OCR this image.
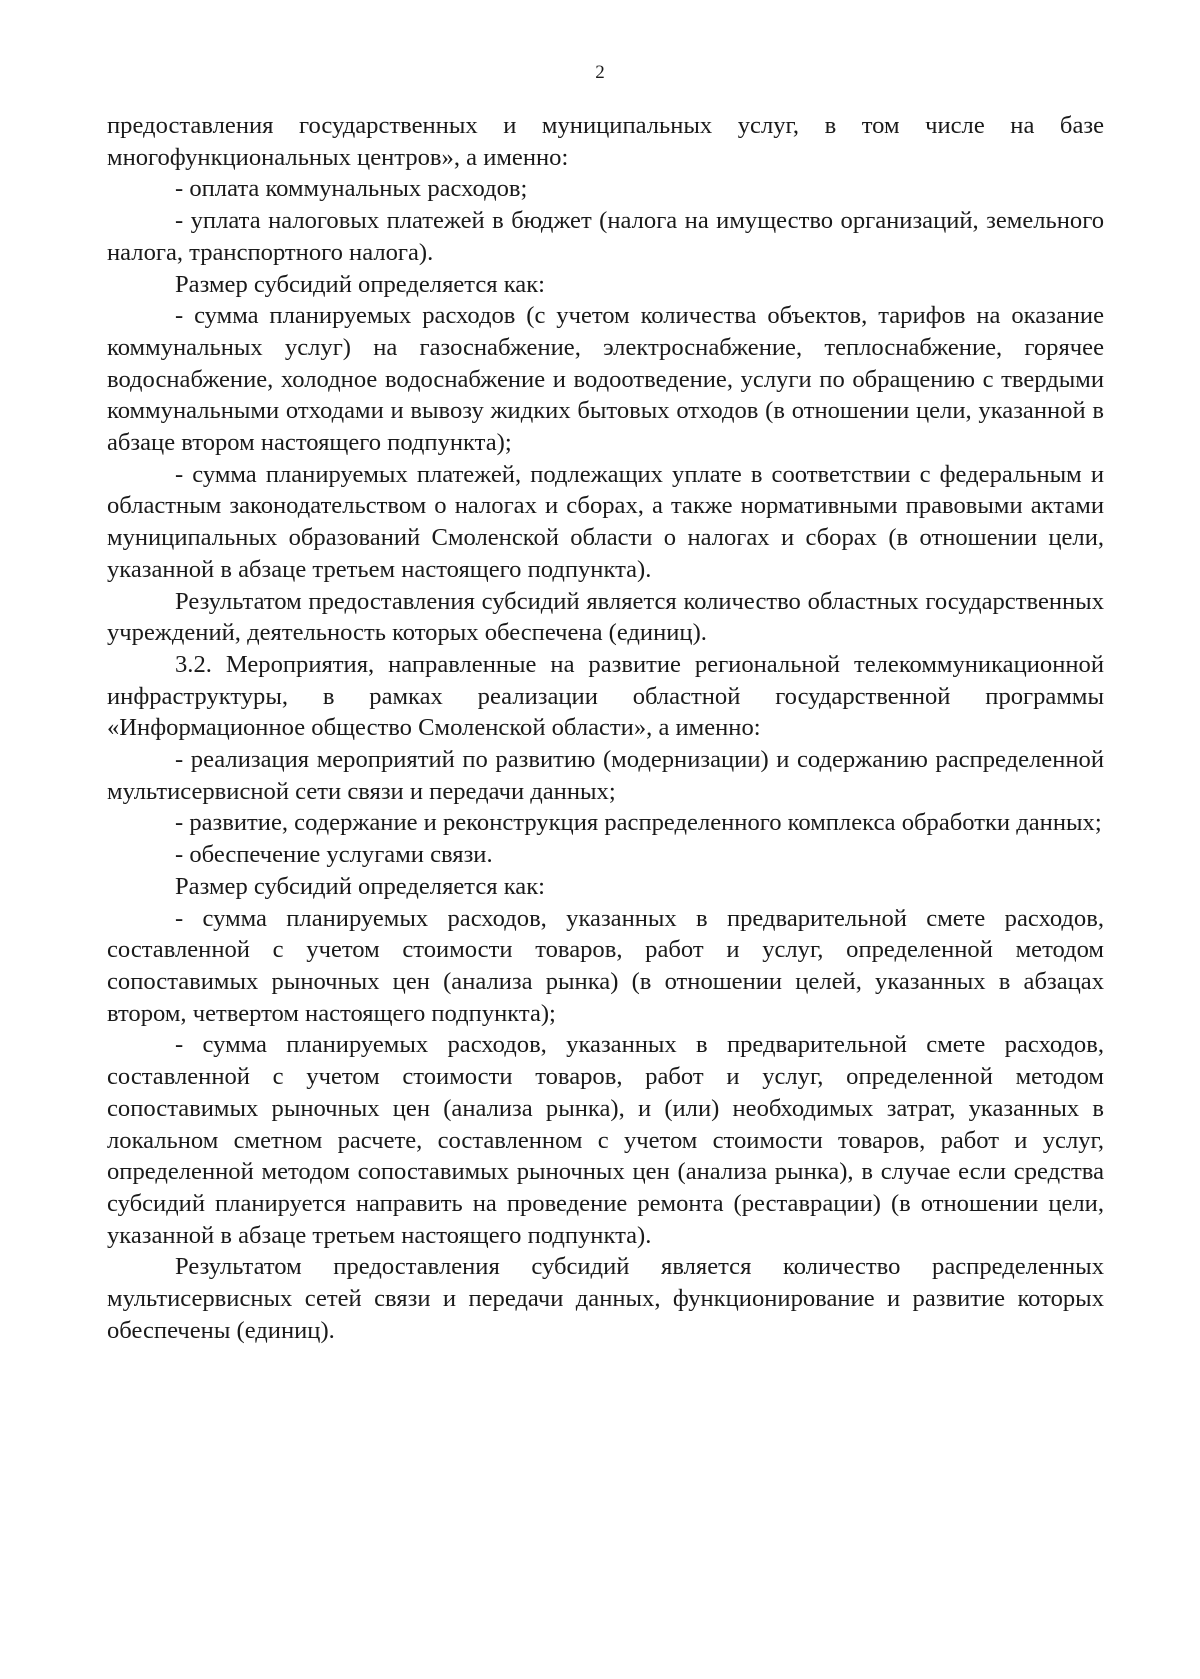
2

предоставления государственных и муниципальных услуг, в том числе на базе многофункциональных центров», а именно:

- оплата коммунальных расходов;

- уплата налоговых платежей в бюджет (налога на имущество организаций, земельного налога, транспортного налога).

Размер субсидий определяется как:

- сумма планируемых расходов (с учетом количества объектов, тарифов на оказание коммунальных услуг) на газоснабжение, электроснабжение, теплоснабжение, горячее водоснабжение, холодное водоснабжение и водоотведение, услуги по обращению с твердыми коммунальными отходами и вывозу жидких бытовых отходов (в отношении цели, указанной в абзаце втором настоящего подпункта);

- сумма планируемых платежей, подлежащих уплате в соответствии с федеральным и областным законодательством о налогах и сборах, а также нормативными правовыми актами муниципальных образований Смоленской области о налогах и сборах (в отношении цели, указанной в абзаце третьем настоящего подпункта).

Результатом предоставления субсидий является количество областных государственных учреждений, деятельность которых обеспечена (единиц).

3.2. Мероприятия, направленные на развитие региональной телекоммуникационной инфраструктуры, в рамках реализации областной государственной программы «Информационное общество Смоленской области», а именно:

- реализация мероприятий по развитию (модернизации) и содержанию распределенной мультисервисной сети связи и передачи данных;

- развитие, содержание и реконструкция распределенного комплекса обработки данных;

- обеспечение услугами связи.

Размер субсидий определяется как:

- сумма планируемых расходов, указанных в предварительной смете расходов, составленной с учетом стоимости товаров, работ и услуг, определенной методом сопоставимых рыночных цен (анализа рынка) (в отношении целей, указанных в абзацах втором, четвертом настоящего подпункта);

- сумма планируемых расходов, указанных в предварительной смете расходов, составленной с учетом стоимости товаров, работ и услуг, определенной методом сопоставимых рыночных цен (анализа рынка), и (или) необходимых затрат, указанных в локальном сметном расчете, составленном с учетом стоимости товаров, работ и услуг, определенной методом сопоставимых рыночных цен (анализа рынка), в случае если средства субсидий планируется направить на проведение ремонта (реставрации) (в отношении цели, указанной в абзаце третьем настоящего подпункта).

Результатом предоставления субсидий является количество распределенных мультисервисных сетей связи и передачи данных, функционирование и развитие которых обеспечены (единиц).
